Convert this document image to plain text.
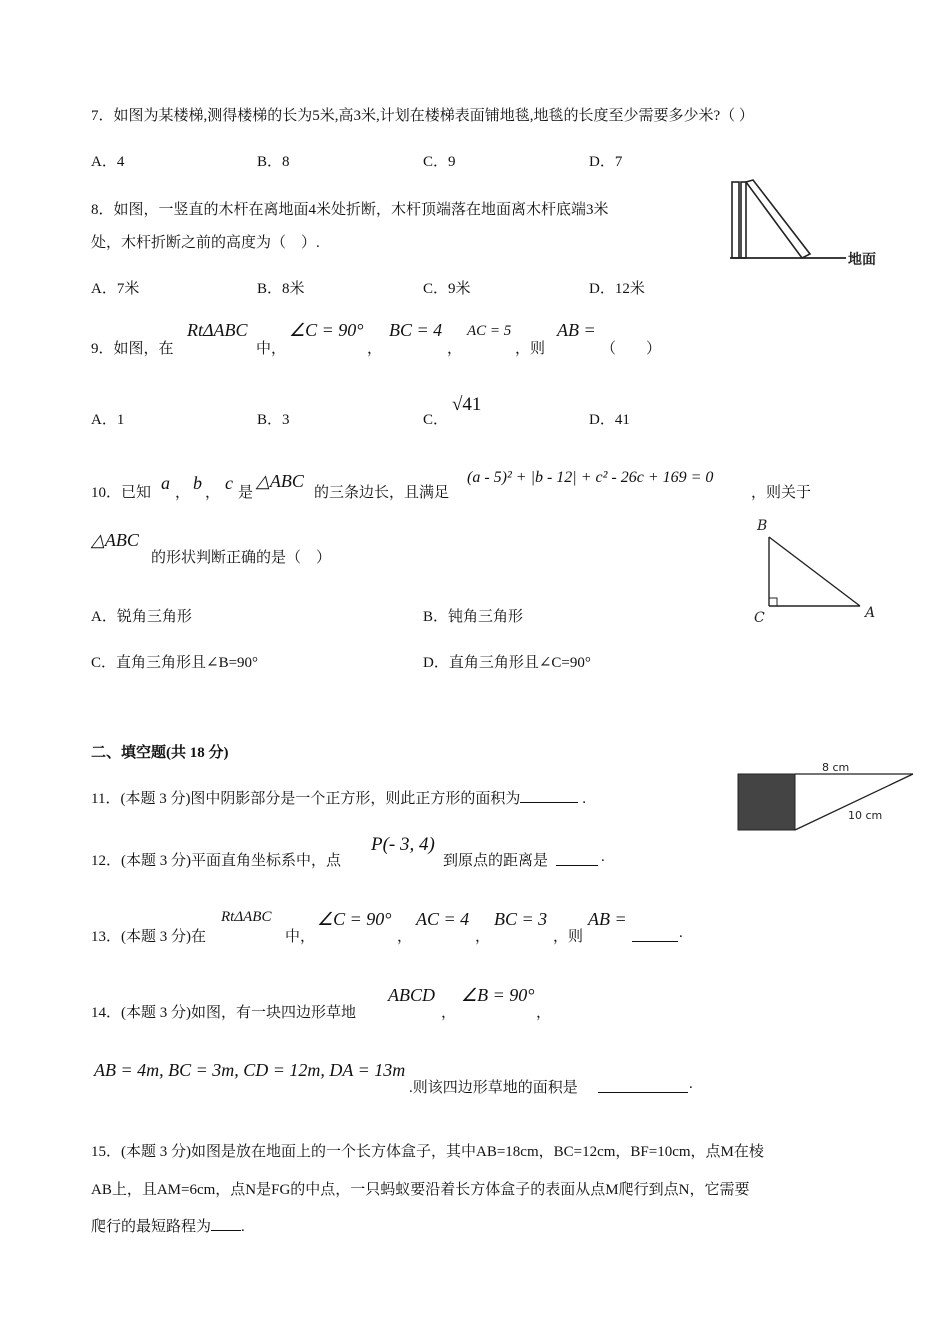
7．如图为某楼梯,测得楼梯的长为5米,高3米,计划在楼梯表面铺地毯,地毯的长度至少需要多少米?（ ）
A．4	B．8	C．9	D．7
8．如图，一竖直的木杆在离地面4米处折断，木杆顶端落在地面离木杆底端3米
处，木杆折断之前的高度为（　）.
A．7米	B．8米	C．9米	D．12米
地面
9．如图，在
RtΔABC
中，
∠C = 90°
，
BC = 4
，
AC = 5
，则
AB =
（　　）
A．1	B．3	C．
√41
D．41
10．已知 a ， b ， c 是
△ABC
的三条边长，且满足
(a - 5)² + |b - 12| + c² - 26c + 169 = 0
，则关于
△ABC
的形状判断正确的是（　）
A．锐角三角形	B．钝角三角形
C．直角三角形且∠B=90°	D．直角三角形且∠C=90°
B
C	A
二、填空题(共 18 分)
11．(本题 3 分)图中阴影部分是一个正方形，则此正方形的面积为	.
8 cm
10 cm
12．(本题 3 分)平面直角坐标系中，点
P(- 3, 4)
到原点的距离是	.
13．(本题 3 分)在
RtΔABC
中，
∠C = 90°
，
AC = 4
，
BC = 3
，则
AB =
.
14．(本题 3 分)如图，有一块四边形草地
ABCD
，
∠B = 90°
，
AB = 4m, BC = 3m, CD = 12m, DA = 13m
.则该四边形草地的面积是	.
15．(本题 3 分)如图是放在地面上的一个长方体盒子，其中AB=18cm，BC=12cm，BF=10cm，点M在棱
AB上，且AM=6cm，点N是FG的中点，一只蚂蚁要沿着长方体盒子的表面从点M爬行到点N，它需要
爬行的最短路程为 .
